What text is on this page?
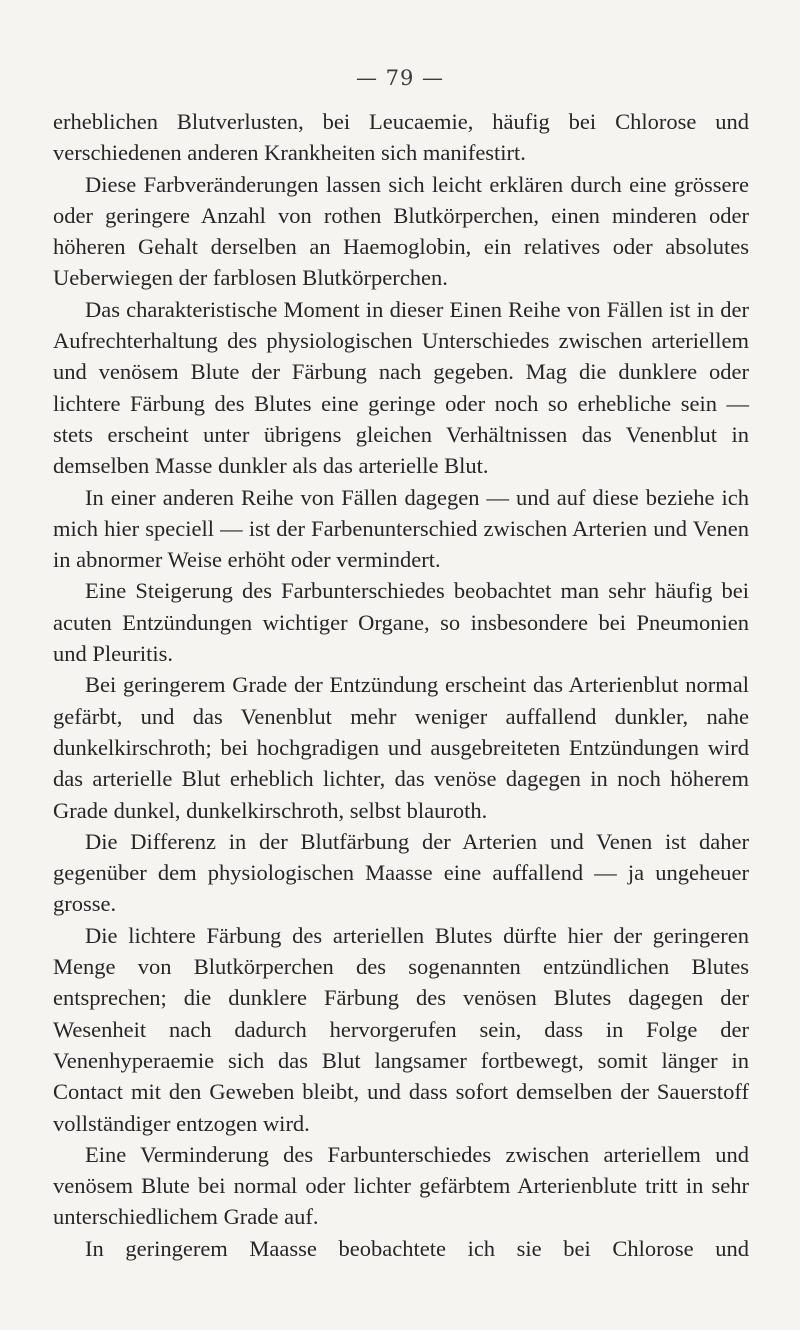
— 79 —

erheblichen Blutverlusten, bei Leucaemie, häufig bei Chlorose und verschiedenen anderen Krankheiten sich manifestirt.

Diese Farbveränderungen lassen sich leicht erklären durch eine grössere oder geringere Anzahl von rothen Blutkörperchen, einen minderen oder höheren Gehalt derselben an Haemoglobin, ein relatives oder absolutes Ueberwiegen der farblosen Blutkörperchen.

Das charakteristische Moment in dieser Einen Reihe von Fällen ist in der Aufrechterhaltung des physiologischen Unterschiedes zwischen arteriellem und venösem Blute der Färbung nach gegeben. Mag die dunklere oder lichtere Färbung des Blutes eine geringe oder noch so erhebliche sein — stets erscheint unter übrigens gleichen Verhältnissen das Venenblut in demselben Masse dunkler als das arterielle Blut.

In einer anderen Reihe von Fällen dagegen — und auf diese beziehe ich mich hier speciell — ist der Farbenunterschied zwischen Arterien und Venen in abnormer Weise erhöht oder vermindert.

Eine Steigerung des Farbunterschiedes beobachtet man sehr häufig bei acuten Entzündungen wichtiger Organe, so insbesondere bei Pneumonien und Pleuritis.

Bei geringerem Grade der Entzündung erscheint das Arterienblut normal gefärbt, und das Venenblut mehr weniger auffallend dunkler, nahe dunkelkirschroth; bei hochgradigen und ausgebreiteten Entzündungen wird das arterielle Blut erheblich lichter, das venöse dagegen in noch höherem Grade dunkel, dunkelkirschroth, selbst blauroth.

Die Differenz in der Blutfärbung der Arterien und Venen ist daher gegenüber dem physiologischen Maasse eine auffallend — ja ungeheuer grosse.

Die lichtere Färbung des arteriellen Blutes dürfte hier der geringeren Menge von Blutkörperchen des sogenannten entzündlichen Blutes entsprechen; die dunklere Färbung des venösen Blutes dagegen der Wesenheit nach dadurch hervorgerufen sein, dass in Folge der Venenhyperaemie sich das Blut langsamer fortbewegt, somit länger in Contact mit den Geweben bleibt, und dass sofort demselben der Sauerstoff vollständiger entzogen wird.

Eine Verminderung des Farbunterschiedes zwischen arteriellem und venösem Blute bei normal oder lichter gefärbtem Arterienblute tritt in sehr unterschiedlichem Grade auf.

In geringerem Maasse beobachtete ich sie bei Chlorose und
